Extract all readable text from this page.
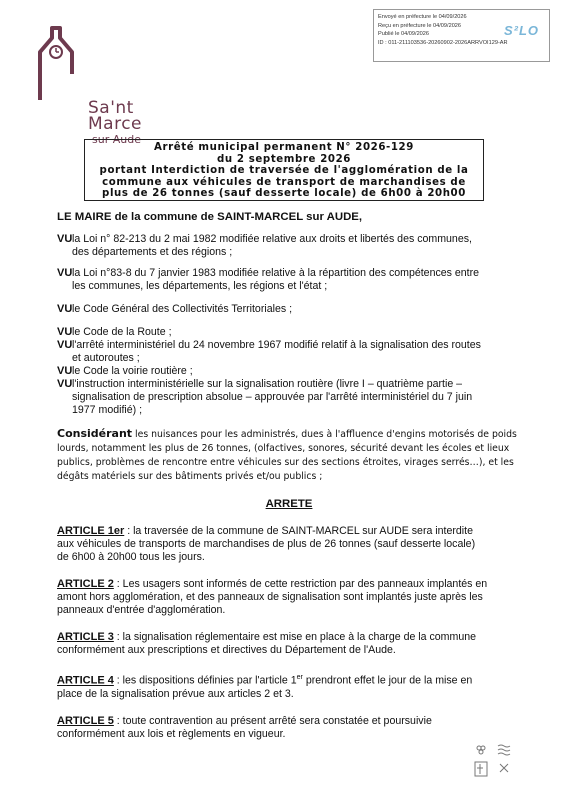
Sa'nt
Marce
sur Aude
Envoyé en préfecture le 04/09/2026
Reçu en préfecture le 04/09/2026
Publié le 04/09/2026
ID : 011-211103536-20260902-2026ARRVOI129-AR
S²LO
Arrêté municipal permanent N° 2026-129
du 2 septembre 2026
portant Interdiction de traversée de l'agglomération de la
commune aux véhicules de transport de marchandises de
plus de 26 tonnes (sauf desserte locale) de 6h00 à 20h00

LE MAIRE de la commune de SAINT-MARCEL sur AUDE,

VU la Loi n° 82-213 du 2 mai 1982 modifiée relative aux droits et libertés des communes,
des départements et des régions ;
VU la Loi n°83-8 du 7 janvier 1983 modifiée relative à la répartition des compétences entre
les communes, les départements, les régions et l'état ;
VU le Code Général des Collectivités Territoriales ;
VU le Code de la Route ;
VU l'arrêté interministériel du 24 novembre 1967 modifié relatif à la signalisation des routes
et autoroutes ;
VU le Code la voirie routière ;
VU l'instruction interministérielle sur la signalisation routière (livre I – quatrième partie –
signalisation de prescription absolue – approuvée par l'arrêté interministériel du 7 juin
1977 modifié) ;

Considérant les nuisances pour les administrés, dues à l'affluence d'engins motorisés de poids
lourds, notamment les plus de 26 tonnes, (olfactives, sonores, sécurité devant les écoles et lieux
publics, problèmes de rencontre entre véhicules sur des sections étroites, virages serrés…), et les
dégâts matériels sur des bâtiments privés et/ou publics ;

ARRETE

ARTICLE 1er : la traversée de la commune de SAINT-MARCEL sur AUDE sera interdite
aux véhicules de transports de marchandises de plus de 26 tonnes (sauf desserte locale)
de 6h00 à 20h00 tous les jours.
ARTICLE 2 : Les usagers sont informés de cette restriction par des panneaux implantés en
amont hors agglomération, et des panneaux de signalisation sont implantés juste après les
panneaux d'entrée d'agglomération.
ARTICLE 3 : la signalisation réglementaire est mise en place à la charge de la commune
conformément aux prescriptions et directives du Département de l'Aude.
ARTICLE 4 : les dispositions définies par l'article 1er prendront effet le jour de la mise en
place de la signalisation prévue aux articles 2 et 3.
ARTICLE 5 : toute contravention au présent arrêté sera constatée et poursuivie
conformément aux lois et règlements en vigueur.
